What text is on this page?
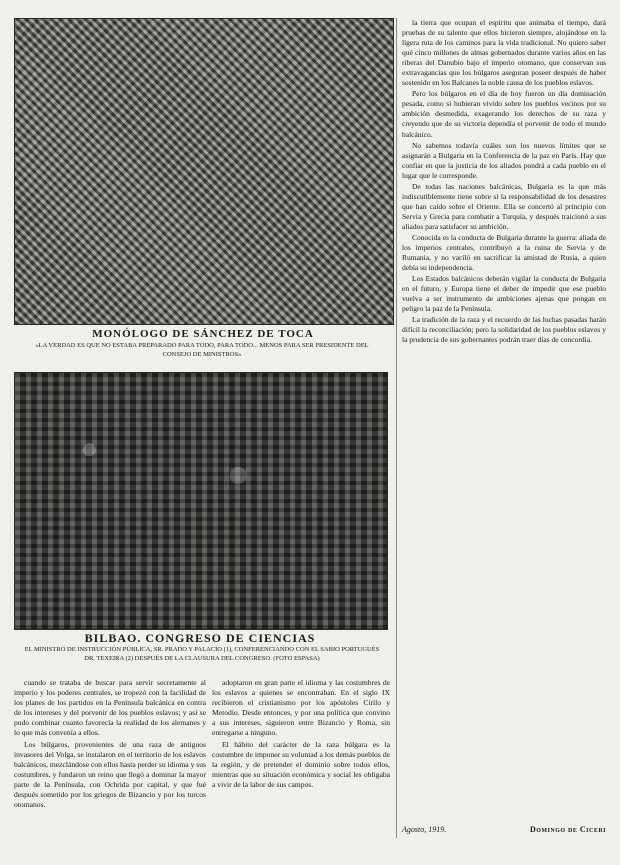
MONÓLOGO DE SÁNCHEZ DE TOCA
«LA VERDAD ES QUE NO ESTABA PREPARADO PARA TODO, PARA TODO... MENOS PARA SER PRESIDENTE DEL CONSEJO DE MINISTROS»
BILBAO. CONGRESO DE CIENCIAS
EL MINISTRO DE INSTRUCCIÓN PÚBLICA, SR. PRADO Y PALACIO (1), CONFERENCIANDO CON EL SABIO PORTUGUÉS DR. TEXEIRA (2) DESPUÉS DE LA CLAUSURA DEL CONGRESO. (FOTO ESPASA)

cuando se trataba de buscar para servir secretamente al imperio y los poderes centrales, se tropezó con la facilidad de los planes de los partidos en la Península balcánica en contra de los intereses y del porvenir de los pueblos eslavos; y así se pudo combinar cuanto favorecía la realidad de los alemanes y lo que más convenía a ellos.

Los búlgaros, provenientes de una raza de antiguos invasores del Volga, se instalaron en el territorio de los eslavos balcánicos, mezclándose con ellos hasta perder su idioma y sus costumbres, y fundaron un reino que llegó a dominar la mayor parte de la Península, con Ochrida por capital, y que fué después sometido por los griegos de Bizancio y por los turcos otomanos.

adoptaron en gran parte el idioma y las costumbres de los eslavos a quienes se encontraban. En el siglo IX recibieron el cristianismo por los apóstoles Cirilo y Metodio. Desde entonces, y por una política que convino a sus intereses, siguieron entre Bizancio y Roma, sin entregarse a ninguno.

El hábito del carácter de la raza búlgara es la costumbre de imponer su voluntad a los demás pueblos de la región, y de pretender el dominio sobre todos ellos, mientras que su situación económica y social les obligaba a vivir de la labor de sus campos.

la tierra que ocupan el espíritu que animaba el tiempo, dará pruebas de su talento que ellos hicieron siempre, alojándose en la ligera ruta de los caminos para la vida tradicional. No quiero saber qué cinco millones de almas gobernados durante varios años en las riberas del Danubio bajo el imperio otomano, que conservan sus extravagancias que los búlgaros aseguran poseer después de haber sostenido en los Balcanes la noble causa de los pueblos eslavos.

Pero los búlgaros en el día de hoy fueron un día dominación pesada, como si hubieran vivido sobre los pueblos vecinos por su ambición desmedida, exagerando los derechos de su raza y creyendo que de su victoria dependía el porvenir de todo el mundo balcánico.

No sabemos todavía cuáles son los nuevos límites que se asignarán a Bulgaria en la Conferencia de la paz en París. Hay que confiar en que la justicia de los aliados pondrá a cada pueblo en el lugar que le corresponde.

De todas las naciones balcánicas, Bulgaria es la que más indiscutiblemente tiene sobre sí la responsabilidad de los desastres que han caído sobre el Oriente. Ella se concertó al principio con Servia y Grecia para combatir a Turquía, y después traicionó a sus aliados para satisfacer su ambición.

Conocida es la conducta de Bulgaria durante la guerra: aliada de los imperios centrales, contribuyó a la ruina de Servia y de Rumania, y no vaciló en sacrificar la amistad de Rusia, a quien debía su independencia.

Los Estados balcánicos deberán vigilar la conducta de Bulgaria en el futuro, y Europa tiene el deber de impedir que ese pueblo vuelva a ser instrumento de ambiciones ajenas que pongan en peligro la paz de la Península.

La tradición de la raza y el recuerdo de las luchas pasadas harán difícil la reconciliación; pero la solidaridad de los pueblos eslavos y la prudencia de sus gobernantes podrán traer días de concordia.

Agosto, 1919.	Domingo de Ciceri
